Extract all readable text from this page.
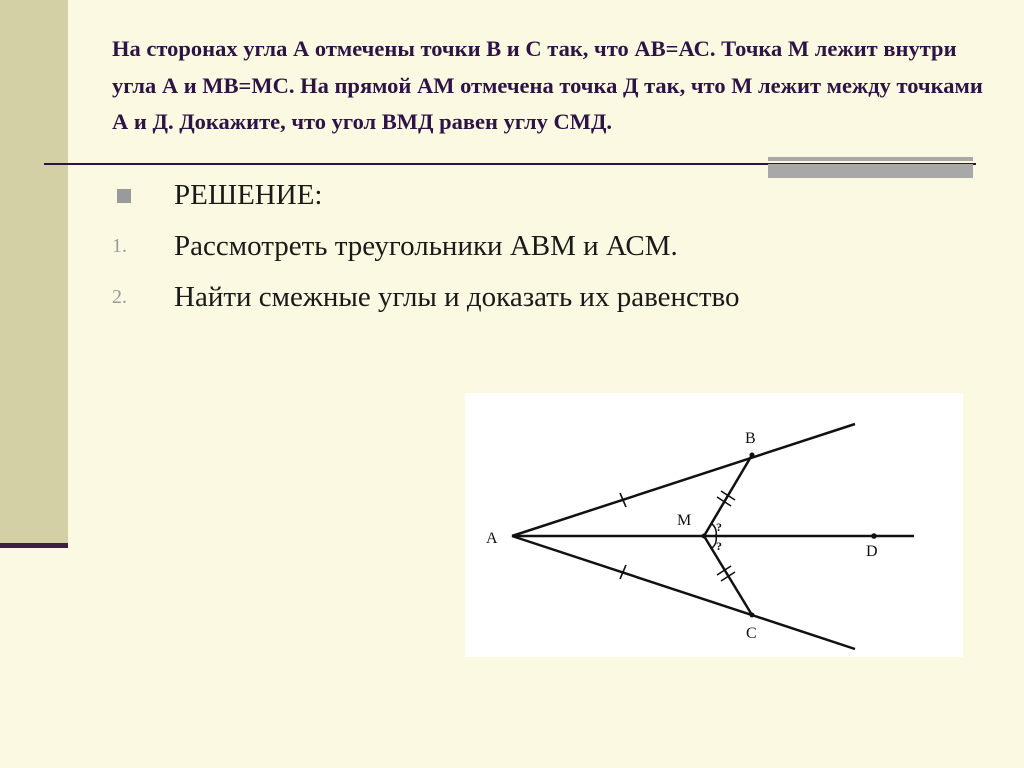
На сторонах угла А отмечены точки В и С так, что АВ=АС. Точка М лежит внутри угла А и МВ=МС. На прямой АМ отмечена точка Д так, что М лежит между точками А и Д. Докажите, что угол ВМД равен углу СМД.

РЕШЕНИЕ:
1. Рассмотреть треугольники АВМ и АСМ.
2. Найти смежные углы и доказать их равенство
A
B
C
M
D
?
?
